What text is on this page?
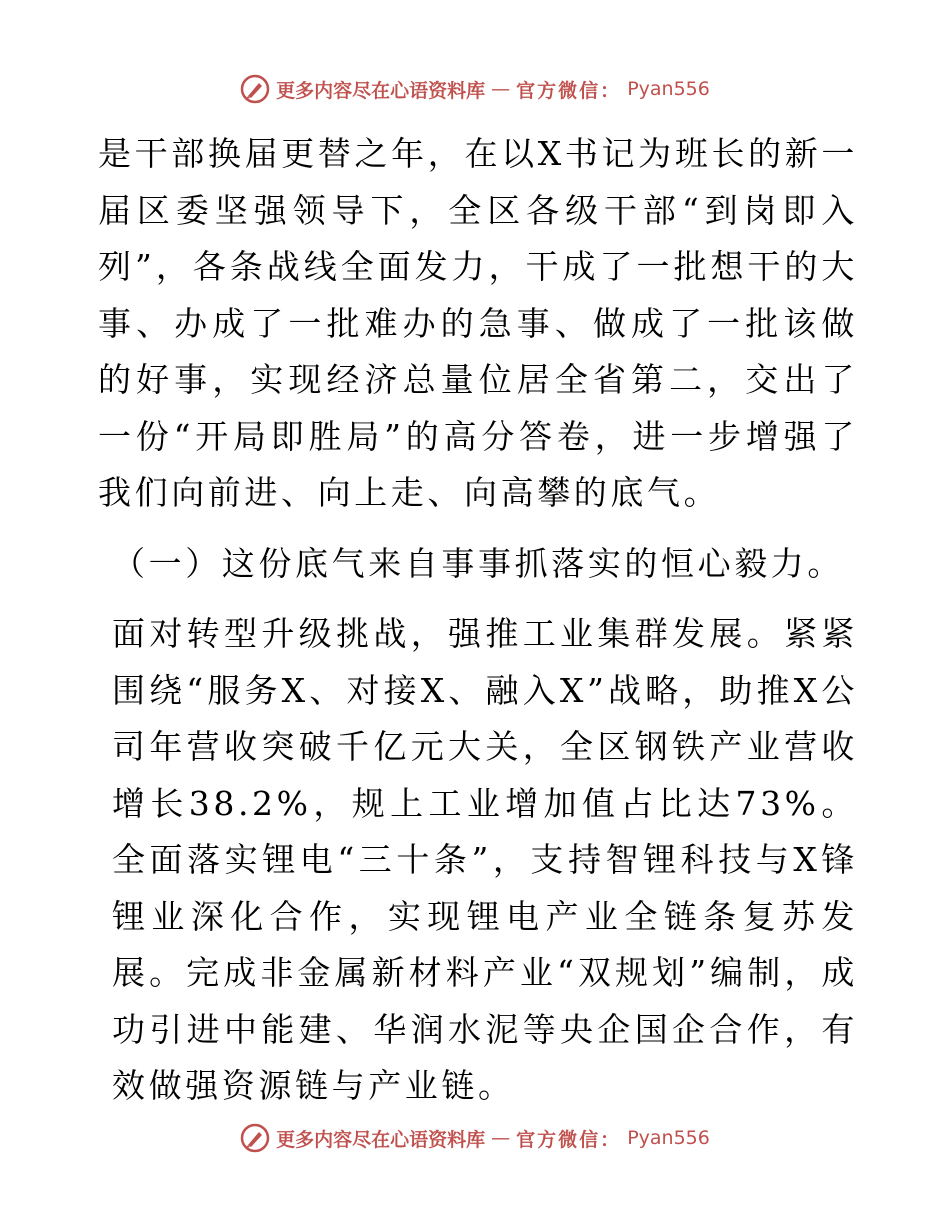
更多内容尽在心语资料库 — 官方微信： Pyan556

是干部换届更替之年，在以X书记为班长的新一届区委坚强领导下，全区各级干部“到岗即入列”，各条战线全面发力，干成了一批想干的大事、办成了一批难办的急事、做成了一批该做的好事，实现经济总量位居全省第二，交出了一份“开局即胜局”的高分答卷，进一步增强了我们向前进、向上走、向高攀的底气。

（一）这份底气来自事事抓落实的恒心毅力。

面对转型升级挑战，强推工业集群发展。紧紧围绕“服务X、对接X、融入X”战略，助推X公司年营收突破千亿元大关，全区钢铁产业营收增长38.2%，规上工业增加值占比达73%。全面落实锂电“三十条”，支持智锂科技与X锋锂业深化合作，实现锂电产业全链条复苏发展。完成非金属新材料产业“双规划”编制，成功引进中能建、华润水泥等央企国企合作，有效做强资源链与产业链。

更多内容尽在心语资料库 — 官方微信： Pyan556
